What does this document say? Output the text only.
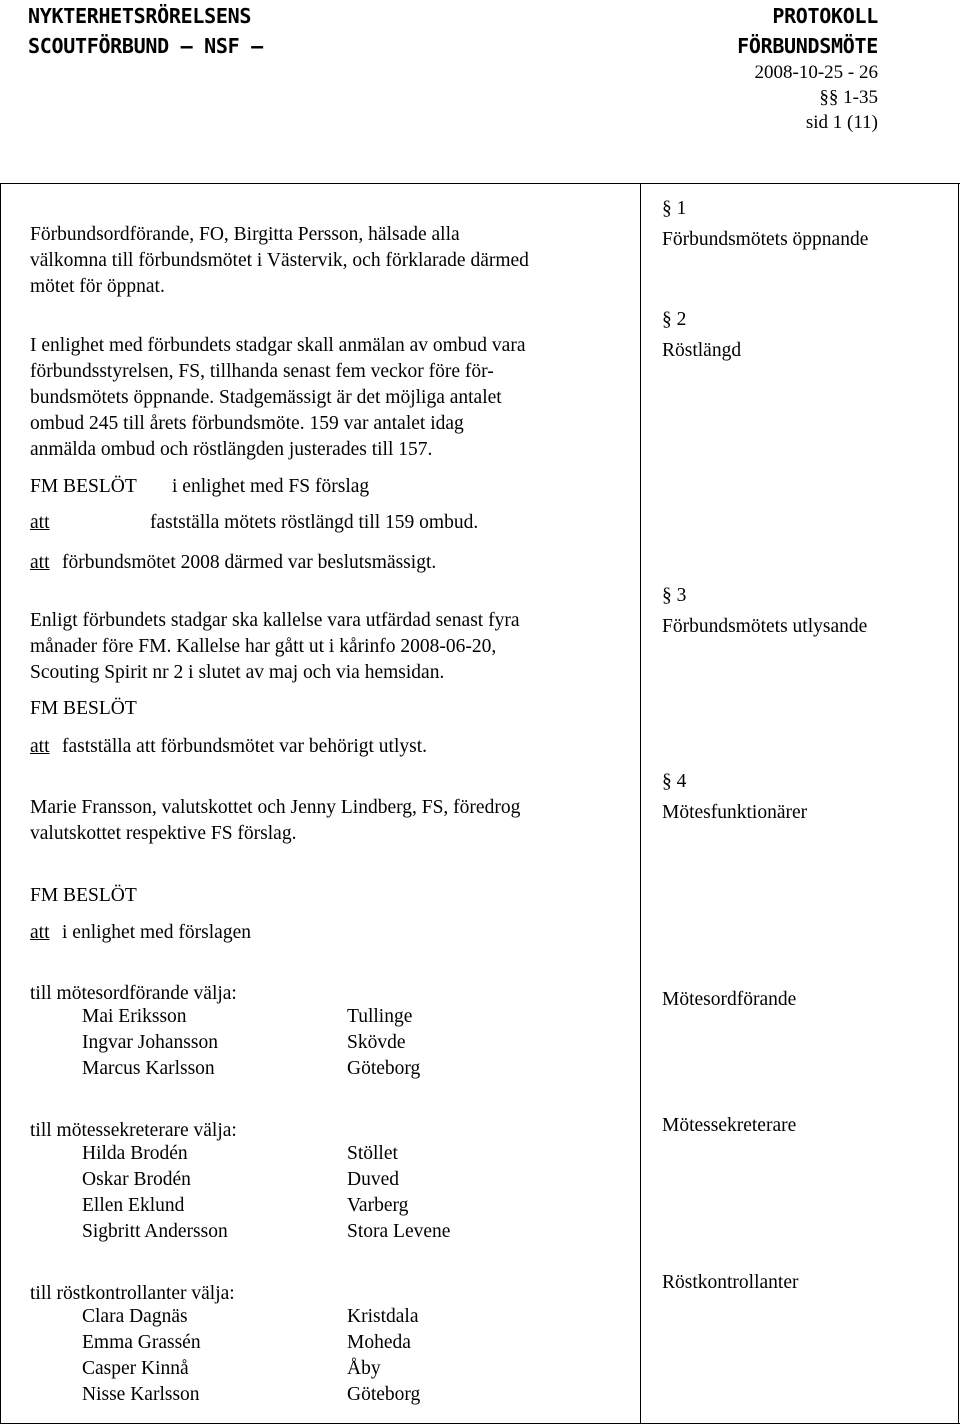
NYKTERHETSRÖRELSENS
SCOUTFÖRBUND – NSF –
PROTOKOLL
FÖRBUNDSMÖTE
2008-10-25 - 26
§§ 1-35
sid 1 (11)
Förbundsordförande, FO, Birgitta Persson, hälsade alla
välkomna till förbundsmötet i Västervik, och förklarade därmed
mötet för öppnat.
I enlighet med förbundets stadgar skall anmälan av ombud vara
förbundsstyrelsen, FS, tillhanda senast fem veckor före för-
bundsmötets öppnande. Stadgemässigt är det möjliga antalet
ombud 245 till årets förbundsmöte. 159 var antalet idag
anmälda ombud och röstlängden justerades till 157.
FM BESLÖT i enlighet med FS förslag
att	fastställa mötets röstlängd till 159 ombud.
att förbundsmötet 2008 därmed var beslutsmässigt.
Enligt förbundets stadgar ska kallelse vara utfärdad senast fyra
månader före FM. Kallelse har gått ut i kårinfo 2008-06-20,
Scouting Spirit nr 2 i slutet av maj och via hemsidan.
FM BESLÖT
att fastställa att förbundsmötet var behörigt utlyst.
Marie Fransson, valutskottet och Jenny Lindberg, FS, föredrog
valutskottet respektive FS förslag.
FM BESLÖT
att i enlighet med förslagen
§ 1
Förbundsmötets öppnande
§ 2
Röstlängd
§ 3
Förbundsmötets utlysande
§ 4
Mötesfunktionärer
till mötesordförande välja:	Mötesordförande
Mai Eriksson	Tullinge
Ingvar Johansson	Skövde
Marcus Karlsson	Göteborg
till mötessekreterare välja:	Mötessekreterare
Hilda Brodén	Stöllet
Oskar Brodén	Duved
Ellen Eklund	Varberg
Sigbritt Andersson	Stora Levene
till röstkontrollanter välja:
Röstkontrollanter
Clara Dagnäs	Kristdala
Emma Grassén	Moheda
Casper Kinnå	Åby
Nisse Karlsson	Göteborg
